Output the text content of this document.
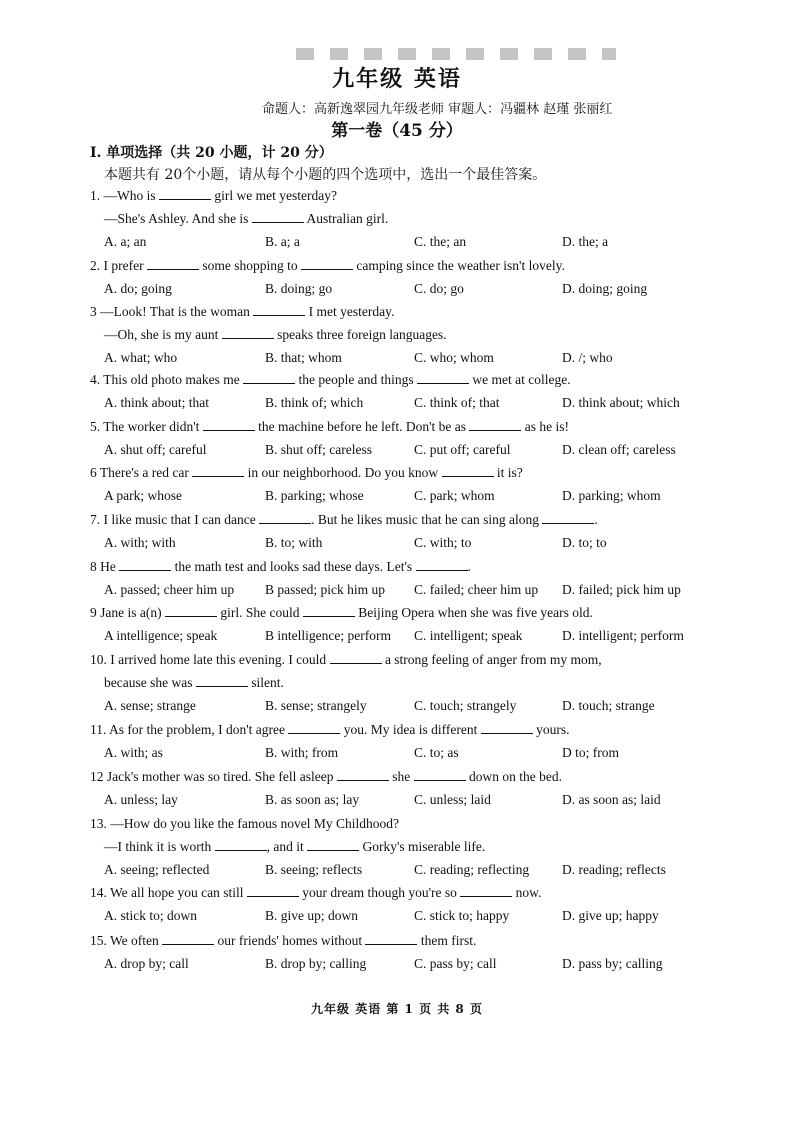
九年级 英语
命题人：高新逸翠园九年级老师 审题人：冯疆林 赵瑾 张丽红
第一卷（45 分）
I. 单项选择（共 20 小题，计 20 分）
本题共有 20个小题，请从每个小题的四个选项中，选出一个最佳答案。
1. —Who is	girl we met yesterday?
—She's Ashley. And she is	Australian girl.
A. a; an	B. a; a	C. the; an	D. the; a
2. I prefer	some shopping to	camping since the weather isn't lovely.
A. do; going	B. doing; go	C. do; go	D. doing; going
3 —Look! That is the woman	I met yesterday.
—Oh, she is my aunt	speaks three foreign languages.
A. what; who	B. that; whom	C. who; whom	D. /; who
4. This old photo makes me	the people and things	we met at college.
A. think about; that	B. think of; which	C. think of; that	D. think about; which
5. The worker didn't	the machine before he left. Don't be as	as he is!
A. shut off; careful	B. shut off; careless	C. put off; careful	D. clean off; careless
6 There's a red car	in our neighborhood. Do you know	it is?
A park; whose	B. parking; whose	C. park; whom	D. parking; whom
7. I like music that I can dance	. But he likes music that he can sing along	.
A. with; with	B. to; with	C. with; to	D. to; to
8 He	the math test and looks sad these days. Let's	.
A. passed; cheer him up B passed; pick him up C. failed; cheer him up D. failed; pick him up
9 Jane is a(n)	girl. She could	Beijing Opera when she was five years old.
A intelligence; speak	B intelligence; perform C. intelligent; speak	D. intelligent; perform
10. I arrived home late this evening. I could	a strong feeling of anger from my mom,
because she was	silent.
A. sense; strange	B. sense; strangely	C. touch; strangely	D. touch; strange
11. As for the problem, I don't agree	you. My idea is different	yours.
A. with; as	B. with; from	C. to; as	D to; from
12 Jack's mother was so tired. She fell asleep	she	down on the bed.
A. unless; lay	B. as soon as; lay	C. unless; laid	D. as soon as; laid
13. —How do you like the famous novel My Childhood?
—I think it is worth	, and it	Gorky's miserable life.
A. seeing; reflected	B. seeing; reflects	C. reading; reflecting D. reading; reflects
14. We all hope you can still	your dream though you're so	now.
A. stick to; down	B. give up; down	C. stick to; happy	D. give up; happy
15. We often	our friends' homes without	them first.
A. drop by; call	B. drop by; calling	C. pass by; call	D. pass by; calling
九年级 英语 第 1 页 共 8 页
